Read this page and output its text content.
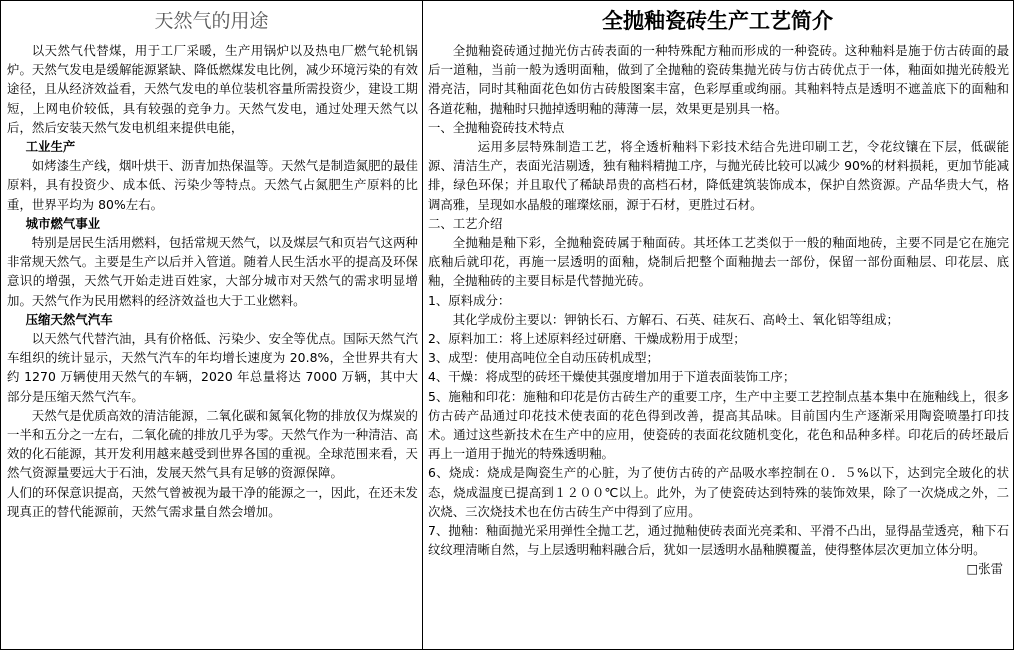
天然气的用途

以天然气代替煤，用于工厂采暖，生产用锅炉以及热电厂燃气轮机锅炉。天然气发电是缓解能源紧缺、降低燃煤发电比例，减少环境污染的有效途径，且从经济效益看，天然气发电的单位装机容量所需投资少，建设工期短，上网电价较低，具有较强的竞争力。天然气发电，通过处理天然气以后，然后安装天然气发电机组来提供电能，

工业生产

如烤漆生产线，烟叶烘干、沥青加热保温等。天然气是制造氮肥的最佳原料，具有投资少、成本低、污染少等特点。天然气占氮肥生产原料的比重，世界平均为 80%左右。

城市燃气事业

特别是居民生活用燃料，包括常规天然气，以及煤层气和页岩气这两种非常规天然气。主要是生产以后并入管道。随着人民生活水平的提高及环保意识的增强，天然气开始走进百姓家，大部分城市对天然气的需求明显增加。天然气作为民用燃料的经济效益也大于工业燃料。

压缩天然气汽车

以天然气代替汽油，具有价格低、污染少、安全等优点。国际天然气汽车组织的统计显示，天然气汽车的年均增长速度为 20.8%，全世界共有大约 1270 万辆使用天然气的车辆，2020 年总量将达 7000 万辆，其中大部分是压缩天然气汽车。

天然气是优质高效的清洁能源，二氧化碳和氮氧化物的排放仅为煤炭的一半和五分之一左右，二氧化硫的排放几乎为零。天然气作为一种清洁、高效的化石能源，其开发利用越来越受到世界各国的重视。全球范围来看，天然气资源量要远大于石油，发展天然气具有足够的资源保障。

人们的环保意识提高，天然气曾被视为最干净的能源之一，因此，在还未发现真正的替代能源前，天然气需求量自然会增加。

全抛釉瓷砖生产工艺简介

全抛釉瓷砖通过抛光仿古砖表面的一种特殊配方釉而形成的一种瓷砖。这种釉料是施于仿古砖面的最后一道釉，当前一般为透明面釉，做到了全抛釉的瓷砖集抛光砖与仿古砖优点于一体，釉面如抛光砖般光滑亮洁，同时其釉面花色如仿古砖般图案丰富，色彩厚重或绚丽。其釉料特点是透明不遮盖底下的面釉和各道花釉，抛釉时只抛掉透明釉的薄薄一层，效果更是别具一格。

一、全抛釉瓷砖技术特点

运用多层特殊制造工艺，将全透析釉料下彩技术结合先进印刷工艺，令花纹镶在下层，低碳能源、清洁生产，表面光洁剔透，独有釉料精抛工序，与抛光砖比较可以减少 90%的材料损耗，更加节能减排，绿色环保；并且取代了稀缺昂贵的高档石材，降低建筑装饰成本，保护自然资源。产品华贵大气，格调高雅，呈现如水晶般的璀璨炫丽，源于石材，更胜过石材。

二、工艺介绍

全抛釉是釉下彩，全抛釉瓷砖属于釉面砖。其坯体工艺类似于一般的釉面地砖，主要不同是它在施完底釉后就印花，再施一层透明的面釉，烧制后把整个面釉抛去一部份，保留一部份面釉层、印花层、底釉，全抛釉砖的主要目标是代替抛光砖。

1、原料成分：

其化学成份主要以：钾钠长石、方解石、石英、硅灰石、高岭土、氧化铝等组成；

2、原料加工：将上述原料经过研磨、干燥成粉用于成型；

3、成型：使用高吨位全自动压砖机成型；

4、干燥：将成型的砖坯干燥使其强度增加用于下道表面装饰工序；

5、施釉和印花：施釉和印花是仿古砖生产的重要工序，生产中主要工艺控制点基本集中在施釉线上，很多仿古砖产品通过印花技术使表面的花色得到改善，提高其品味。目前国内生产逐渐采用陶瓷喷墨打印技术。通过这些新技术在生产中的应用，使瓷砖的表面花纹随机变化，花色和品种多样。印花后的砖坯最后再上一道用于抛光的特殊透明釉。

6、烧成：烧成是陶瓷生产的心脏，为了使仿古砖的产品吸水率控制在０．５%以下，达到完全玻化的状态，烧成温度已提高到１２００℃以上。此外，为了使瓷砖达到特殊的装饰效果，除了一次烧成之外，二次烧、三次烧技术也在仿古砖生产中得到了应用。

7、抛釉：釉面抛光采用弹性全抛工艺，通过抛釉使砖表面光亮柔和、平滑不凸出，显得晶莹透亮，釉下石纹纹理清晰自然，与上层透明釉料融合后，犹如一层透明水晶釉膜覆盖，使得整体层次更加立体分明。

□张雷
